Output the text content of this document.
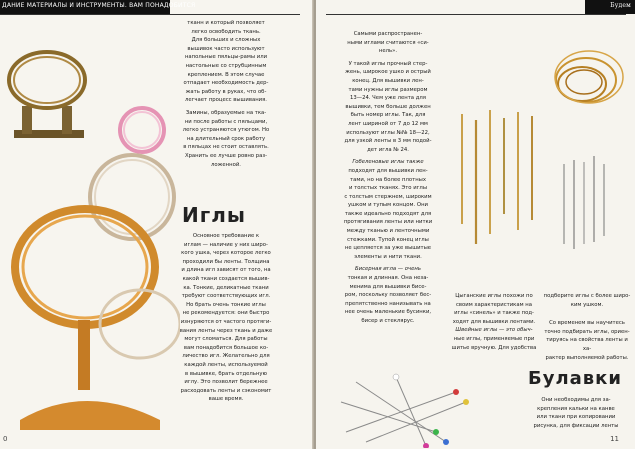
ДАНИЕ МАТЕРИАЛЫ И ИНСТРУМЕНТЫ. ВАМ ПОНАДОБИТСЯ

тканн и который позволяет
легко освободить ткань.
Для больших и сложных
вышивок часто используют
напольные пяльцы-рамы или
настольные со струбцинным
креплением. В этом случае
отпадает необходимость дер-
жать работу в руках, что об-
легчает процесс вышивания.

Замины, образуемые на тка-
ни после работы с пяльцами,
легко устраняются утюгом. Но
на длительный срок работу
в пяльцах не стоит оставлять.
Хранить ее лучше ровно раз-
ложенной.

Иглы
Основное требование к
иглам — наличие у них широ-
кого ушка, через которое легко
проходили бы ленты. Толщина
и длина игл зависят от того, на
какой ткани создается вышив-
ка. Тонкие, деликатные ткани
требуют соответствующих игл.
Но брать очень тонкие иглы
не рекомендуется: они быстро
изнуряются от частого протяги-
вания ленты через ткань и даже
могут сломаться. Для работы
вам понадобится большое ко-
личество игл. Желательно для
каждой ленты, используемой
в вышивке, брать отдельную
иглу. Это позволит бережнее
расходовать ленты и сэкономит
ваше время.
0
Будем

Самыми распространен-
ными иглами считаются «си-
нель».

У такой иглы прочный стер-
жень, широкое ушко и острый
конец. Для вышивки лен-
тами нужны иглы размером
13—24. Чем уже лента для
вышивки, тем больше должен
быть номер иглы. Так, для
лент шириной от 7 до 12 мм
используют иглы №№ 18—22,
для узкой ленты в 3 мм подой-
дет игла № 24.

Гобеленовые иглы также
подходят для вышивки лен-
тами, но на более плотных
и толстых тканях. Это иглы
с толстым стержнем, широким
ушком и тупым концом. Они
также идеально подходят для
протягивания ленты или нитки
между тканью и ленточными
стежками. Тупой конец иглы
не цепляется за уже вышитые
элементы и нити ткани.

Бисерная игла — очень
тонкая и длинная. Она неза-
менима для вышивки бисе-
ром, поскольку позволяет бес-
препятственно нанизывать на
нее очень маленькие бусинки,
бисер и стеклярус.

Цыганские иглы похожи по
своим характеристикам на
иглы «синель» и также под-
ходят для вышивки лентами.
Швейные иглы — это обыч-
ные иглы, применяемые при
шитье вручную. Для удобства

подберите иглы с более широ-
ким ушком.

Со временем вы научитесь
точно подбирать иглы, ориен-
тируясь на свойства ленты и ха-
рактер выполняемой работы.

Булавки
Они необходимы для за-
крепления кальки на канве
или ткани при копировании
рисунка, для фиксации ленты
11
